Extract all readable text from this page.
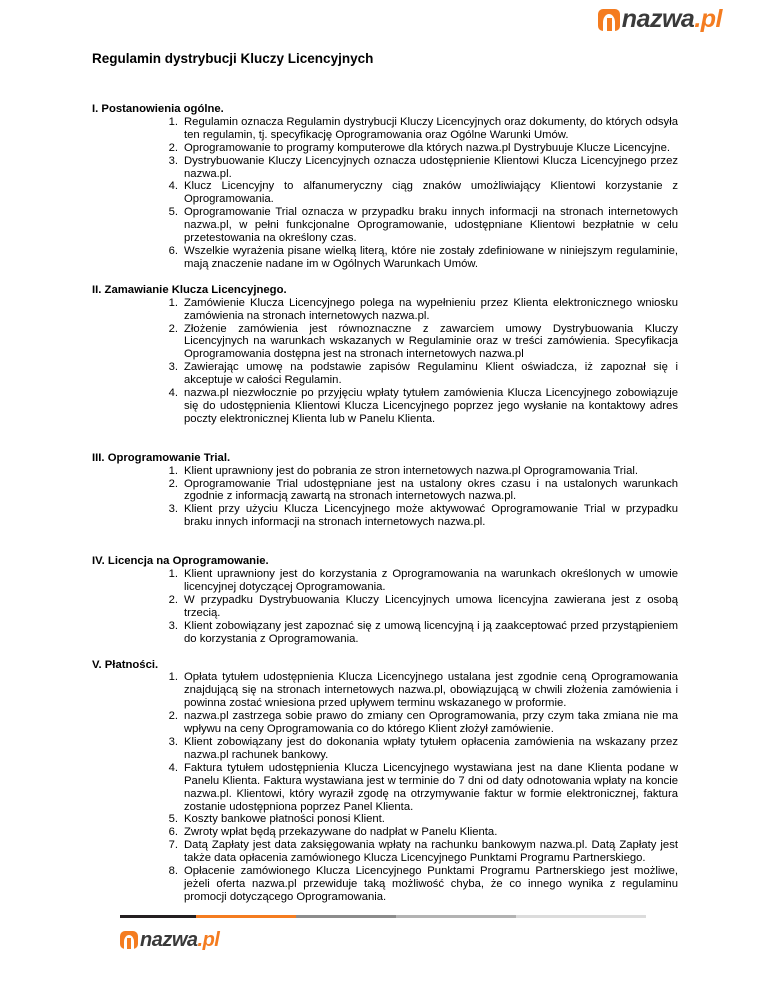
nazwa.pl
Regulamin dystrybucji Kluczy Licencyjnych
I. Postanowienia ogólne.
1. Regulamin oznacza Regulamin dystrybucji Kluczy Licencyjnych oraz dokumenty, do których odsyła ten regulamin, tj. specyfikację Oprogramowania oraz Ogólne Warunki Umów.
2. Oprogramowanie to programy komputerowe dla których nazwa.pl Dystrybuuje Klucze Licencyjne.
3. Dystrybuowanie Kluczy Licencyjnych oznacza udostępnienie Klientowi Klucza Licencyjnego przez nazwa.pl.
4. Klucz Licencyjny to alfanumeryczny ciąg znaków umożliwiający Klientowi korzystanie z Oprogramowania.
5. Oprogramowanie Trial oznacza w przypadku braku innych informacji na stronach internetowych nazwa.pl, w pełni funkcjonalne Oprogramowanie, udostępniane Klientowi bezpłatnie w celu przetestowania na określony czas.
6. Wszelkie wyrażenia pisane wielką literą, które nie zostały zdefiniowane w niniejszym regulaminie, mają znaczenie nadane im w Ogólnych Warunkach Umów.
II. Zamawianie Klucza Licencyjnego.
1. Zamówienie Klucza Licencyjnego polega na wypełnieniu przez Klienta elektronicznego wniosku zamówienia na stronach internetowych nazwa.pl.
2. Złożenie zamówienia jest równoznaczne z zawarciem umowy Dystrybuowania Kluczy Licencyjnych na warunkach wskazanych w Regulaminie oraz w treści zamówienia. Specyfikacja Oprogramowania dostępna jest na stronach internetowych nazwa.pl
3. Zawierając umowę na podstawie zapisów Regulaminu Klient oświadcza, iż zapoznał się i akceptuje w całości Regulamin.
4. nazwa.pl niezwłocznie po przyjęciu wpłaty tytułem zamówienia Klucza Licencyjnego zobowiązuje się do udostępnienia Klientowi Klucza Licencyjnego poprzez jego wysłanie na kontaktowy adres poczty elektronicznej Klienta lub w Panelu Klienta.
III. Oprogramowanie Trial.
1. Klient uprawniony jest do pobrania ze stron internetowych nazwa.pl Oprogramowania Trial.
2. Oprogramowanie Trial udostępniane jest na ustalony okres czasu i na ustalonych warunkach zgodnie z informacją zawartą na stronach internetowych nazwa.pl.
3. Klient przy użyciu Klucza Licencyjnego może aktywować Oprogramowanie Trial w przypadku braku innych informacji na stronach internetowych nazwa.pl.
IV. Licencja na Oprogramowanie.
1. Klient uprawniony jest do korzystania z Oprogramowania na warunkach określonych w umowie licencyjnej dotyczącej Oprogramowania.
2. W przypadku Dystrybuowania Kluczy Licencyjnych umowa licencyjna zawierana jest z osobą trzecią.
3. Klient zobowiązany jest zapoznać się z umową licencyjną i ją zaakceptować przed przystąpieniem do korzystania z Oprogramowania.
V. Płatności.
1. Opłata tytułem udostępnienia Klucza Licencyjnego ustalana jest zgodnie ceną Oprogramowania znajdującą się na stronach internetowych nazwa.pl, obowiązującą w chwili złożenia zamówienia i powinna zostać wniesiona przed upływem terminu wskazanego w proformie.
2. nazwa.pl zastrzega sobie prawo do zmiany cen Oprogramowania, przy czym taka zmiana nie ma wpływu na ceny Oprogramowania co do którego Klient złożył zamówienie.
3. Klient zobowiązany jest do dokonania wpłaty tytułem opłacenia zamówienia na wskazany przez nazwa.pl rachunek bankowy.
4. Faktura tytułem udostępnienia Klucza Licencyjnego wystawiana jest na dane Klienta podane w Panelu Klienta. Faktura wystawiana jest w terminie do 7 dni od daty odnotowania wpłaty na koncie nazwa.pl. Klientowi, który wyraził zgodę na otrzymywanie faktur w formie elektronicznej, faktura zostanie udostępniona poprzez Panel Klienta.
5. Koszty bankowe płatności ponosi Klient.
6. Zwroty wpłat będą przekazywane do nadpłat w Panelu Klienta.
7. Datą Zapłaty jest data zaksięgowania wpłaty na rachunku bankowym nazwa.pl. Datą Zapłaty jest także data opłacenia zamówionego Klucza Licencyjnego Punktami Programu Partnerskiego.
8. Opłacenie zamówionego Klucza Licencyjnego Punktami Programu Partnerskiego jest możliwe, jeżeli oferta nazwa.pl przewiduje taką możliwość chyba, że co innego wynika z regulaminu promocji dotyczącego Oprogramowania.
nazwa.pl
